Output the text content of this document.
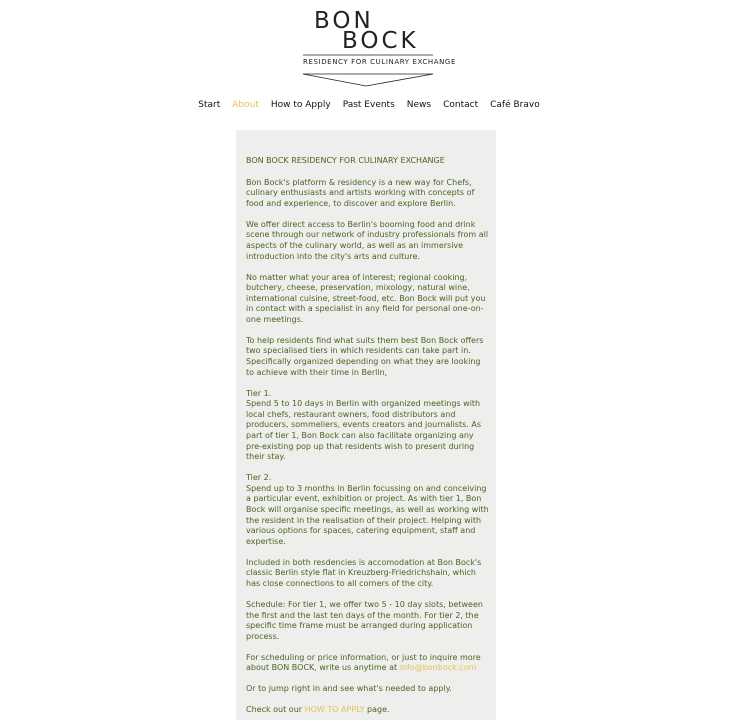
BON
BOCK
RESIDENCY FOR CULINARY EXCHANGE
Start About How to Apply Past Events News Contact Café Bravo

BON BOCK RESIDENCY FOR CULINARY EXCHANGE

Bon Bock's platform & residency is a new way for Chefs, culinary enthusiasts and artists working with concepts of food and experience, to discover and explore Berlin.

We offer direct access to Berlin's booming food and drink scene through our network of industry professionals from all aspects of the culinary world, as well as an immersive introduction into the city's arts and culture.

No matter what your area of interest; regional cooking, butchery, cheese, preservation, mixology, natural wine, international cuisine, street-food, etc. Bon Bock will put you in contact with a specialist in any field for personal one-on-one meetings.

To help residents find what suits them best Bon Bock offers two specialised tiers in which residents can take part in. Specifically organized depending on what they are looking to achieve with their time in Berlin,

Tier 1.
Spend 5 to 10 days in Berlin with organized meetings with local chefs, restaurant owners, food distributors and producers, sommeliers, events creators and journalists. As part of tier 1, Bon Bock can also facilitate organizing any pre-existing pop up that residents wish to present during their stay.

Tier 2.
Spend up to 3 months in Berlin focussing on and conceiving a particular event, exhibition or project. As with tier 1, Bon Bock will organise specific meetings, as well as working with the resident in the realisation of their project. Helping with various options for spaces, catering equipment, staff and expertise.

Included in both resdencies is accomodation at Bon Bock's classic Berlin style flat in Kreuzberg-Friedrichshain, which has close connections to all corners of the city.

Schedule: For tier 1, we offer two 5 - 10 day slots, between the first and the last ten days of the month. For tier 2, the specific time frame must be arranged during application process.

For scheduling or price information, or just to inquire more about BON BOCK, write us anytime at info@bonbock.com

Or to jump right in and see what's needed to apply.

Check out our HOW TO APPLY page.
